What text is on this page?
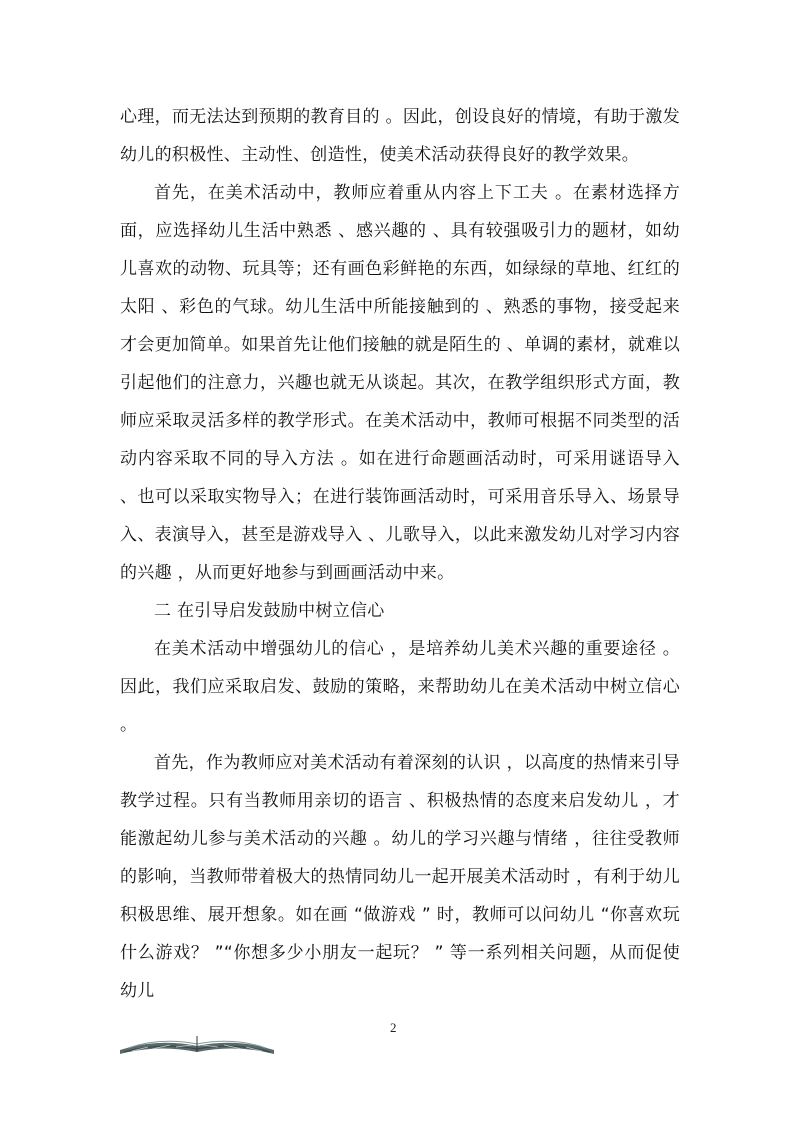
心理，而无法达到预期的教育目的 。因此，创设良好的情境，有助于激发幼儿的积极性、主动性、创造性，使美术活动获得良好的教学效果。

首先，在美术活动中，教师应着重从内容上下工夫 。在素材选择方面，应选择幼儿生活中熟悉 、感兴趣的 、具有较强吸引力的题材，如幼儿喜欢的动物、玩具等；还有画色彩鲜艳的东西，如绿绿的草地、红红的太阳 、彩色的气球。幼儿生活中所能接触到的 、熟悉的事物，接受起来才会更加简单。如果首先让他们接触的就是陌生的 、单调的素材，就难以引起他们的注意力，兴趣也就无从谈起。其次，在教学组织形式方面，教师应采取灵活多样的教学形式。在美术活动中，教师可根据不同类型的活动内容采取不同的导入方法 。如在进行命题画活动时，可采用谜语导入 、也可以采取实物导入；在进行装饰画活动时，可采用音乐导入、场景导入、表演导入，甚至是游戏导入 、儿歌导入，以此来激发幼儿对学习内容的兴趣 ，从而更好地参与到画画活动中来。

二 在引导启发鼓励中树立信心

在美术活动中增强幼儿的信心 ，是培养幼儿美术兴趣的重要途径 。因此，我们应采取启发、鼓励的策略，来帮助幼儿在美术活动中树立信心 。

首先，作为教师应对美术活动有着深刻的认识 ，以高度的热情来引导教学过程。只有当教师用亲切的语言 、积极热情的态度来启发幼儿 ，才能激起幼儿参与美术活动的兴趣 。幼儿的学习兴趣与情绪 ，往往受教师的影响，当教师带着极大的热情同幼儿一起开展美术活动时 ，有利于幼儿积极思维、展开想象。如在画 “做游戏 ” 时，教师可以问幼儿 “你喜欢玩什么游戏？ ”“你想多少小朋友一起玩？ ” 等一系列相关问题，从而促使幼儿

2
